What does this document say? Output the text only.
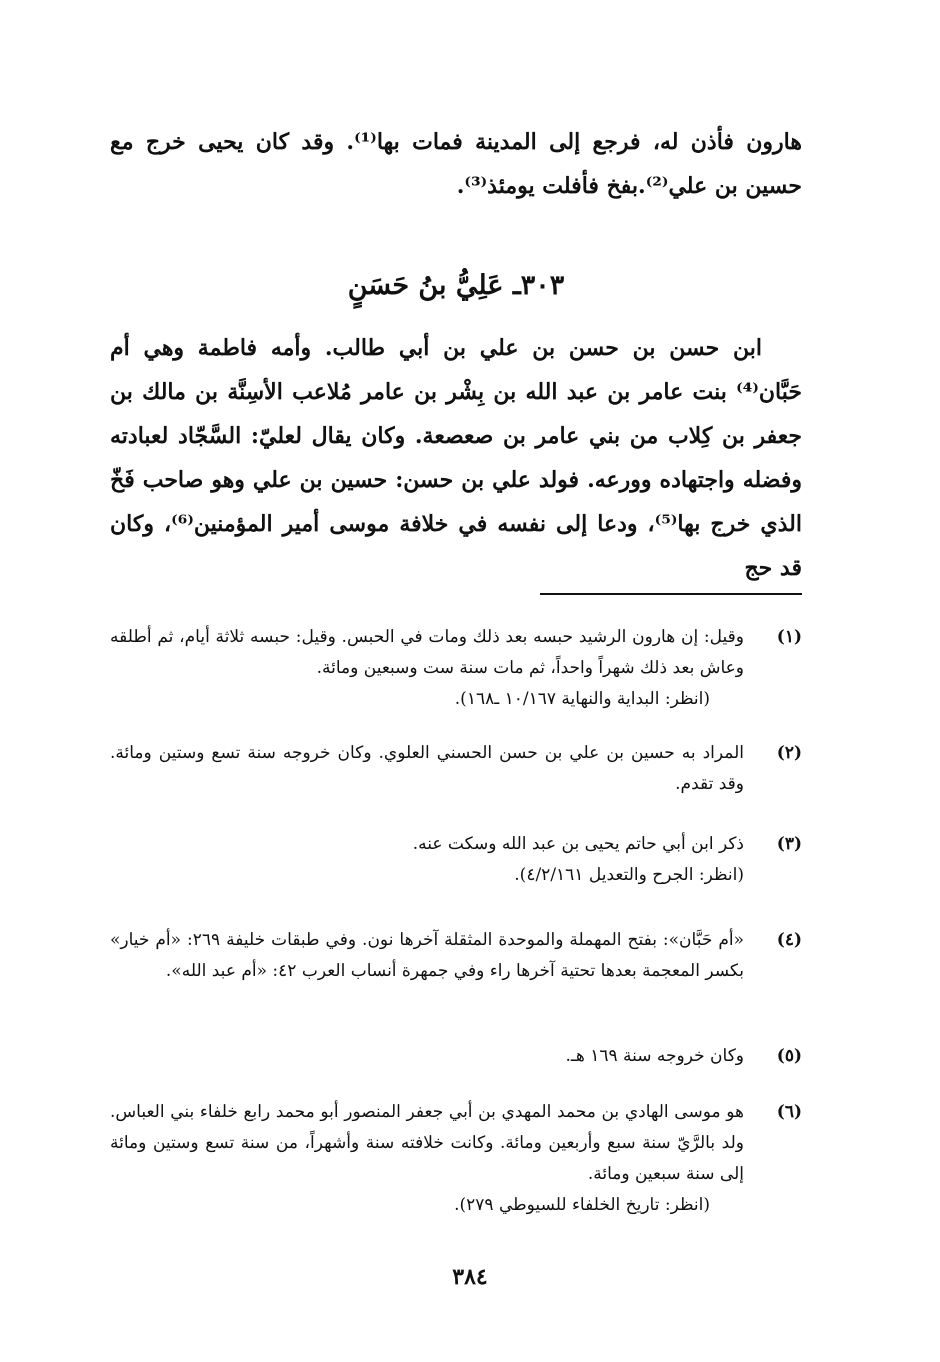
هارون فأذن له، فرجع إلى المدينة فمات بها⁽¹⁾. وقد كان يحيى خرج مع حسين بن علي⁽²⁾.بفخ فأفلت يومئذ⁽³⁾.

٣٠٣ـ عَلِيُّ بنُ حَسَنٍ

ابن حسن بن حسن بن علي بن أبي طالب. وأمه فاطمة وهي أم حَبَّان⁽⁴⁾ بنت عامر بن عبد الله بن بِشْر بن عامر مُلاعب الأسِنَّة بن مالك بن جعفر بن كِلاب من بني عامر بن صعصعة. وكان يقال لعليّ: السَّجّاد لعبادته وفضله واجتهاده وورعه. فولد علي بن حسن: حسين بن علي وهو صاحب فَخّ الذي خرج بها⁽⁵⁾، ودعا إلى نفسه في خلافة موسى أمير المؤمنين⁽⁶⁾، وكان قد حج

(١)
وقيل: إن هارون الرشيد حبسه بعد ذلك ومات في الحبس. وقيل: حبسه ثلاثة أيام، ثم أطلقه وعاش بعد ذلك شهراً واحداً، ثم مات سنة ست وسبعين ومائة.
(انظر: البداية والنهاية ١٠/١٦٧ ـ١٦٨).
(٢)
المراد به حسين بن علي بن حسن الحسني العلوي. وكان خروجه سنة تسع وستين ومائة. وقد تقدم.
(٣)
ذكر ابن أبي حاتم يحيى بن عبد الله وسكت عنه.
(انظر: الجرح والتعديل ٤/٢/١٦١).
(٤)
«أم حَبَّان»: بفتح المهملة والموحدة المثقلة آخرها نون. وفي طبقات خليفة ٢٦٩: «أم خيار» بكسر المعجمة بعدها تحتية آخرها راء وفي جمهرة أنساب العرب ٤٢: «أم عبد الله».
(٥)
وكان خروجه سنة ١٦٩ هـ.
(٦)
هو موسى الهادي بن محمد المهدي بن أبي جعفر المنصور أبو محمد رابع خلفاء بني العباس. ولد بالرَّيّ سنة سبع وأربعين ومائة. وكانت خلافته سنة وأشهراً، من سنة تسع وستين ومائة إلى سنة سبعين ومائة.
(انظر: تاريخ الخلفاء للسيوطي ٢٧٩).
٣٨٤
